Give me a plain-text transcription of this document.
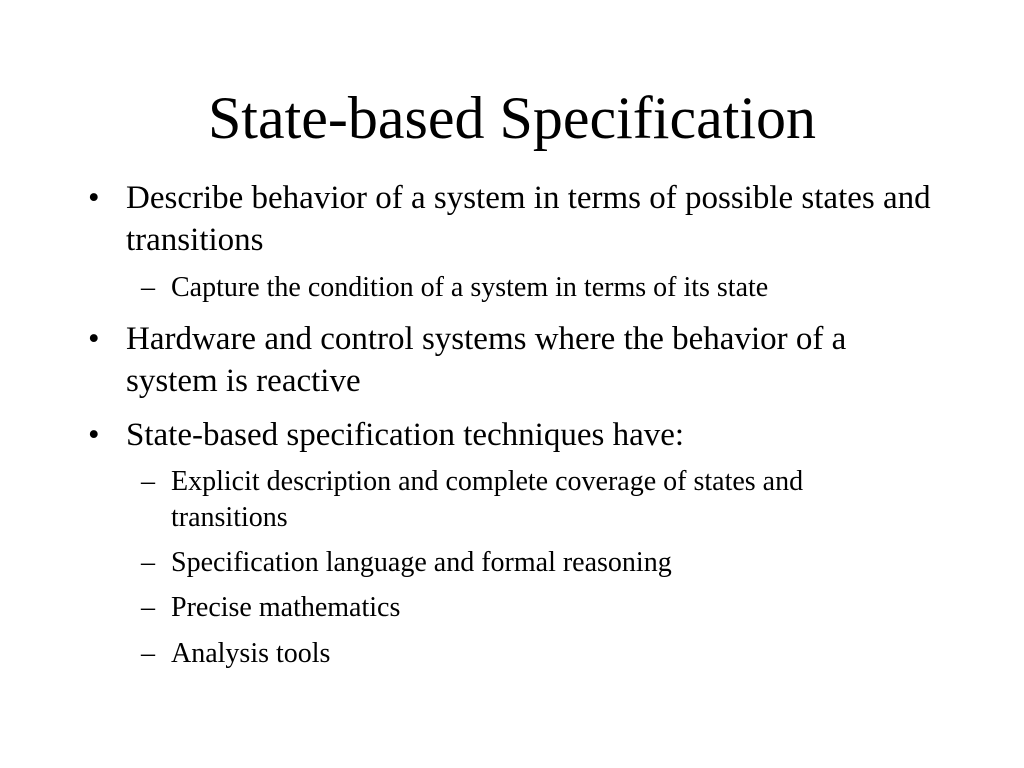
State-based Specification
• Describe behavior of a system in terms of possible states and transitions
– Capture the condition of a system in terms of its state
• Hardware and control systems where the behavior of a system is reactive
• State-based specification techniques have:
– Explicit description and complete coverage of states and transitions
– Specification language and formal reasoning
– Precise mathematics
– Analysis tools
